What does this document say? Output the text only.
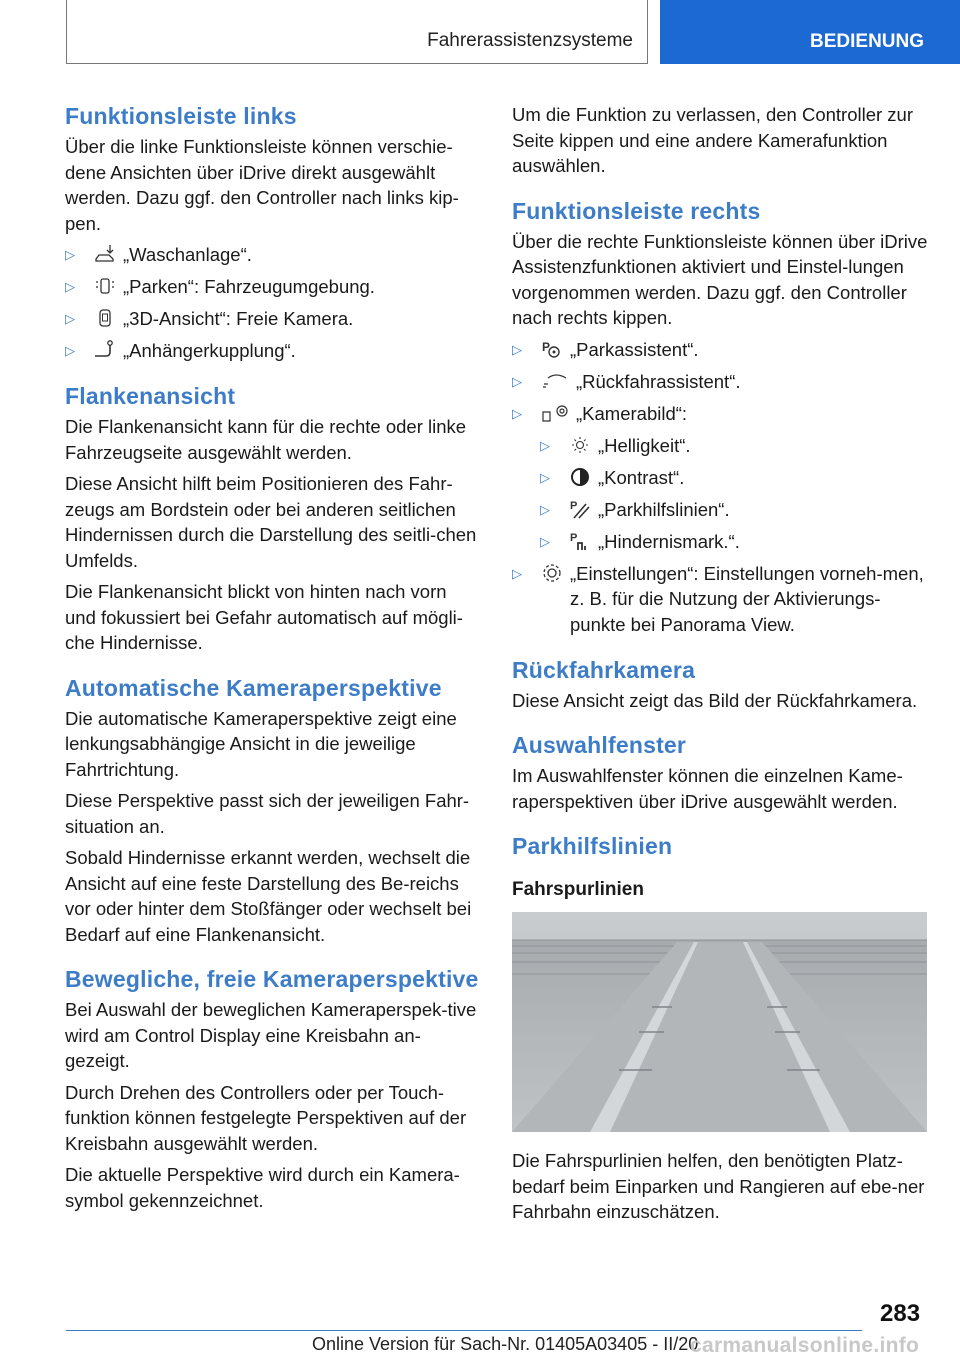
Fahrerassistenzsysteme	BEDIENUNG
Funktionsleiste links

Über die linke Funktionsleiste können verschie-dene Ansichten über iDrive direkt ausgewählt werden. Dazu ggf. den Controller nach links kip-pen.

▷	„Waschanlage“.
▷	„Parken“: Fahrzeugumgebung.
▷	„3D-Ansicht“: Freie Kamera.
▷	„Anhängerkupplung“.
Flankenansicht

Die Flankenansicht kann für die rechte oder linke Fahrzeugseite ausgewählt werden.

Diese Ansicht hilft beim Positionieren des Fahr-zeugs am Bordstein oder bei anderen seitlichen Hindernissen durch die Darstellung des seitli-chen Umfelds.

Die Flankenansicht blickt von hinten nach vorn und fokussiert bei Gefahr automatisch auf mögli-che Hindernisse.

Automatische Kameraperspektive

Die automatische Kameraperspektive zeigt eine lenkungsabhängige Ansicht in die jeweilige Fahrtrichtung.

Diese Perspektive passt sich der jeweiligen Fahr-situation an.

Sobald Hindernisse erkannt werden, wechselt die Ansicht auf eine feste Darstellung des Be-reichs vor oder hinter dem Stoßfänger oder wechselt bei Bedarf auf eine Flankenansicht.

Bewegliche, freie Kameraperspektive

Bei Auswahl der beweglichen Kameraperspek-tive wird am Control Display eine Kreisbahn an-gezeigt.

Durch Drehen des Controllers oder per Touch-funktion können festgelegte Perspektiven auf der Kreisbahn ausgewählt werden.

Die aktuelle Perspektive wird durch ein Kamera-symbol gekennzeichnet.

Um die Funktion zu verlassen, den Controller zur Seite kippen und eine andere Kamerafunktion auswählen.

Funktionsleiste rechts

Über die rechte Funktionsleiste können über iDrive Assistenzfunktionen aktiviert und Einstel-lungen vorgenommen werden. Dazu ggf. den Controller nach rechts kippen.

▷ P „Parkassistent“.
▷	„Rückfahrassistent“.
▷	„Kamerabild“:
▷	„Helligkeit“.
▷	„Kontrast“.
▷ P „Parkhilfslinien“.
▷ P „Hindernismark.“.
▷	„Einstellungen“: Einstellungen vorneh-men, z. B. für die Nutzung der Aktivierungs-punkte bei Panorama View.
Rückfahrkamera

Diese Ansicht zeigt das Bild der Rückfahrkamera.

Auswahlfenster

Im Auswahlfenster können die einzelnen Kame-raperspektiven über iDrive ausgewählt werden.

Parkhilfslinien
Fahrspurlinien

Die Fahrspurlinien helfen, den benötigten Platz-bedarf beim Einparken und Rangieren auf ebe-ner Fahrbahn einzuschätzen.

283
Online Version für Sach-Nr. 01405A03405 - II/20
carmanualsonline.info
